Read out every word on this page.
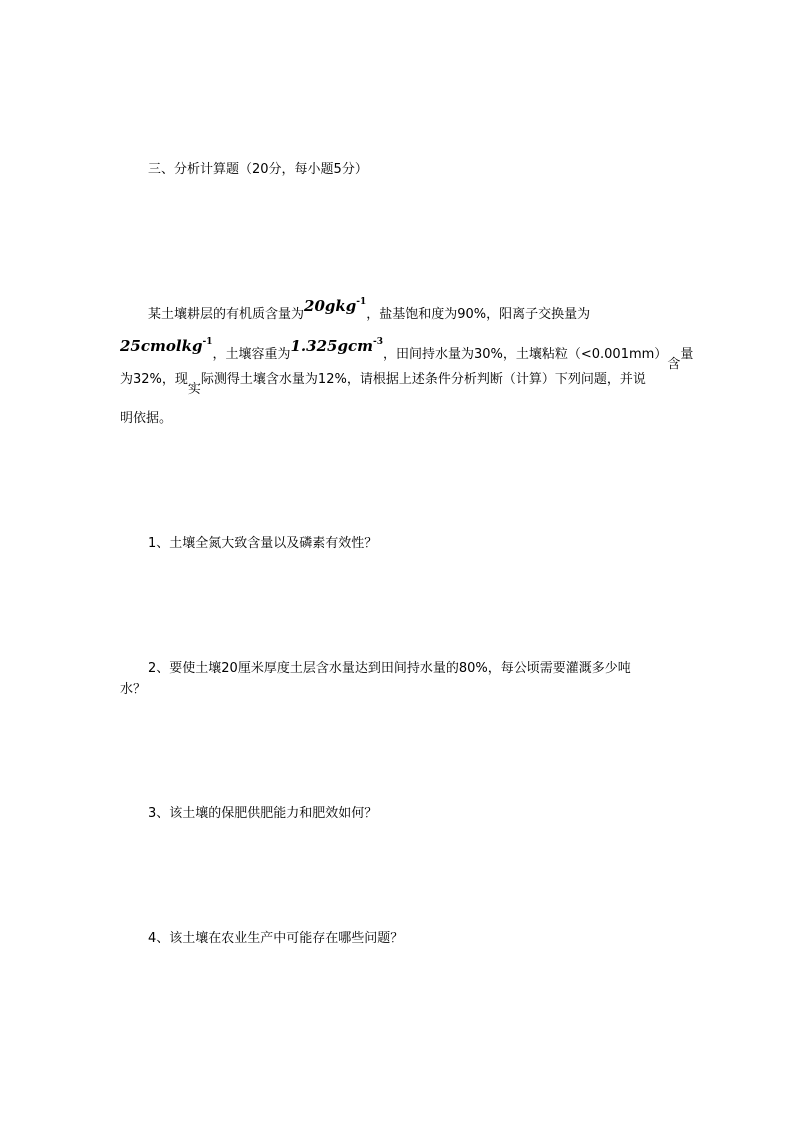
三、分析计算题（20分，每小题5分）
某土壤耕层的有机质含量为20gkg$^{-1}$，盐基饱和度为90%，阳离子交换量为
25cmolkg$^{-1}$，土壤容重为1.325gcm$^{-3}$，田间持水量为30%，土壤粘粒（<0.001mm）含量
为32%，现实际测得土壤含水量为12%，请根据上述条件分析判断（计算）下列问题，并说
明依据。
1、土壤全氮大致含量以及磷素有效性？
2、要使土壤20厘米厚度土层含水量达到田间持水量的80%，每公顷需要灌溉多少吨
水？
3、该土壤的保肥供肥能力和肥效如何？
4、该土壤在农业生产中可能存在哪些问题？
